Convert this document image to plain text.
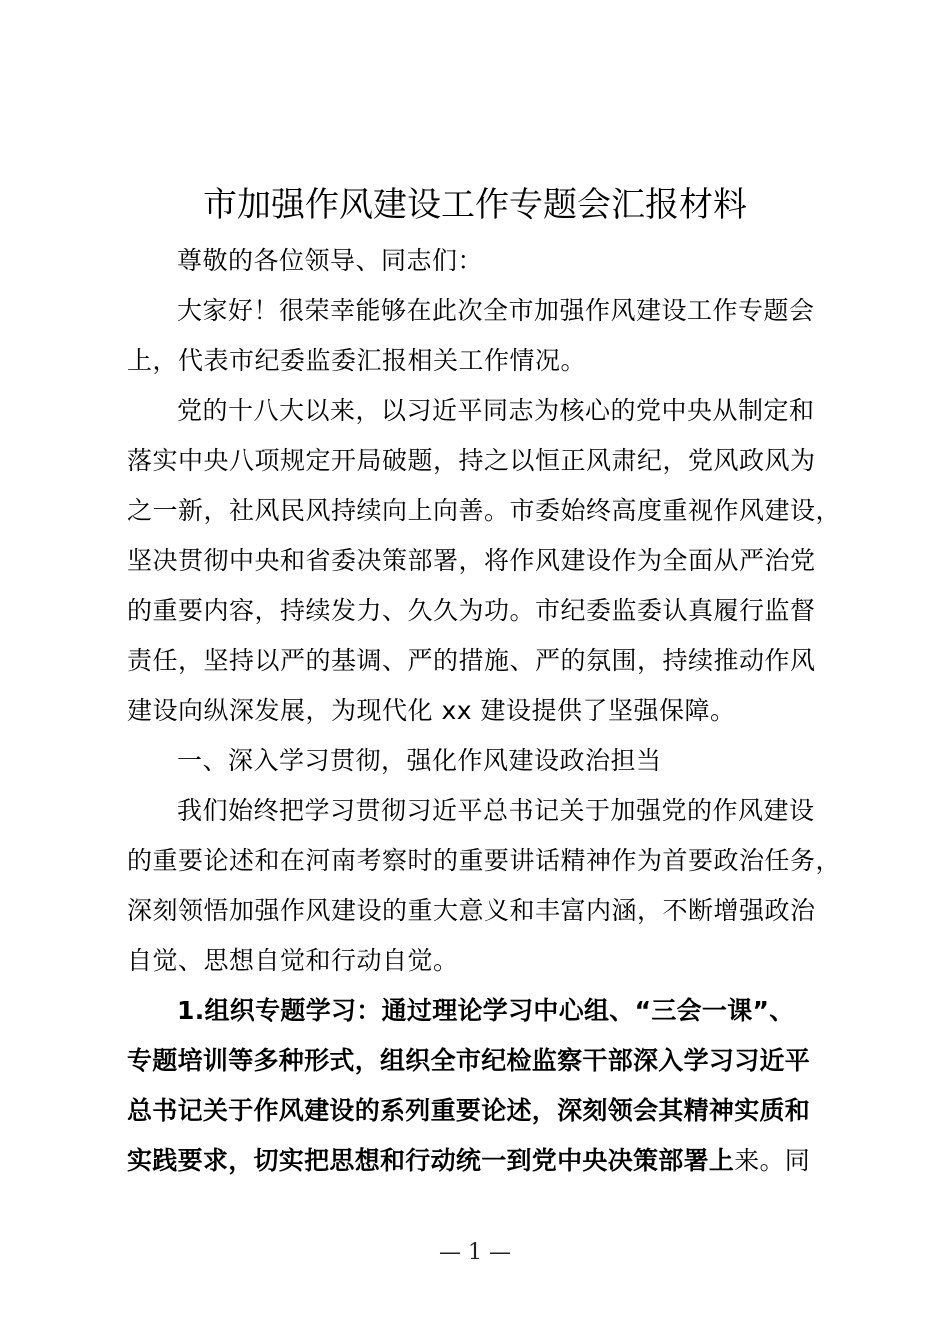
市加强作风建设工作专题会汇报材料

尊敬的各位领导、同志们：

大家好！很荣幸能够在此次全市加强作风建设工作专题会
上，代表市纪委监委汇报相关工作情况。

党的十八大以来，以习近平同志为核心的党中央从制定和
落实中央八项规定开局破题，持之以恒正风肃纪，党风政风为
之一新，社风民风持续向上向善。市委始终高度重视作风建设，
坚决贯彻中央和省委决策部署，将作风建设作为全面从严治党
的重要内容，持续发力、久久为功。市纪委监委认真履行监督
责任，坚持以严的基调、严的措施、严的氛围，持续推动作风
建设向纵深发展，为现代化 xx 建设提供了坚强保障。

一、深入学习贯彻，强化作风建设政治担当

我们始终把学习贯彻习近平总书记关于加强党的作风建设
的重要论述和在河南考察时的重要讲话精神作为首要政治任务，
深刻领悟加强作风建设的重大意义和丰富内涵，不断增强政治
自觉、思想自觉和行动自觉。

1.组织专题学习：通过理论学习中心组、“三会一课”、
专题培训等多种形式，组织全市纪检监察干部深入学习习近平
总书记关于作风建设的系列重要论述，深刻领会其精神实质和
实践要求，切实把思想和行动统一到党中央决策部署上来。同

— 1 —
